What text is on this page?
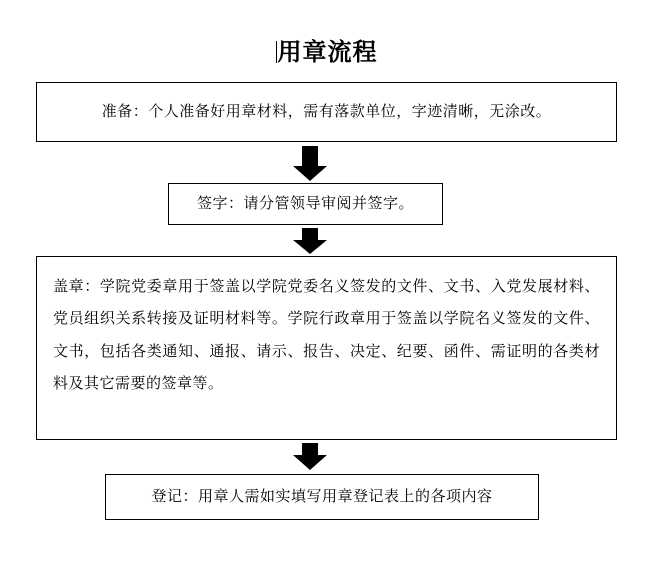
用章流程
准备：个人准备好用章材料，需有落款单位，字迹清晰，无涂改。
签字：请分管领导审阅并签字。
盖章：学院党委章用于签盖以学院党委名义签发的文件、文书、入党发展材料、党员组织关系转接及证明材料等。学院行政章用于签盖以学院名义签发的文件、文书，包括各类通知、通报、请示、报告、决定、纪要、函件、需证明的各类材料及其它需要的签章等。
登记：用章人需如实填写用章登记表上的各项内容
